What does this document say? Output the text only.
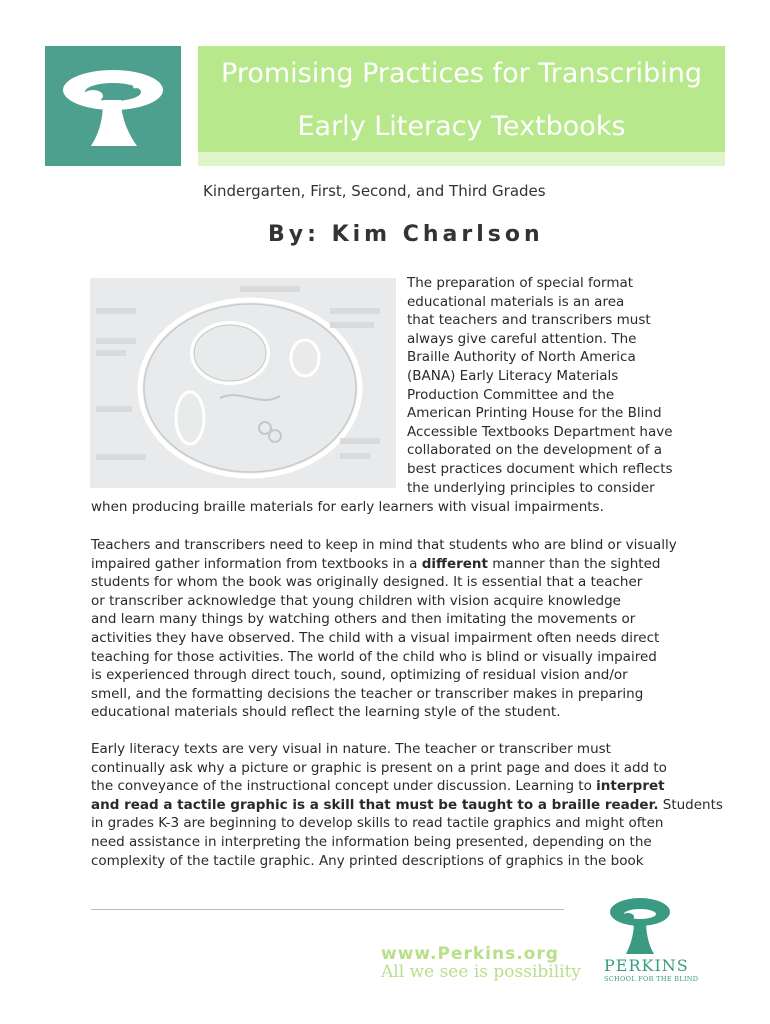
Promising Practices for Transcribing
Early Literacy Textbooks
Kindergarten, First, Second, and Third Grades
By: Kim Charlson
The preparation of special format
educational materials is an area
that teachers and transcribers must
always give careful attention. The
Braille Authority of North America
(BANA) Early Literacy Materials
Production Committee and the
American Printing House for the Blind
Accessible Textbooks Department have
collaborated on the development of a
best practices document which reflects
the underlying principles to consider
when producing braille materials for early learners with visual impairments.
Teachers and transcribers need to keep in mind that students who are blind or visually
impaired gather information from textbooks in a different manner than the sighted
students for whom the book was originally designed. It is essential that a teacher
or transcriber acknowledge that young children with vision acquire knowledge
and learn many things by watching others and then imitating the movements or
activities they have observed. The child with a visual impairment often needs direct
teaching for those activities. The world of the child who is blind or visually impaired
is experienced through direct touch, sound, optimizing of residual vision and/or
smell, and the formatting decisions the teacher or transcriber makes in preparing
educational materials should reflect the learning style of the student.
Early literacy texts are very visual in nature. The teacher or transcriber must
continually ask why a picture or graphic is present on a print page and does it add to
the conveyance of the instructional concept under discussion. Learning to interpret
and read a tactile graphic is a skill that must be taught to a braille reader. Students
in grades K-3 are beginning to develop skills to read tactile graphics and might often
need assistance in interpreting the information being presented, depending on the
complexity of the tactile graphic. Any printed descriptions of graphics in the book
www.Perkins.org
All we see is possibility PERKINS
SCHOOL FOR THE BLIND
